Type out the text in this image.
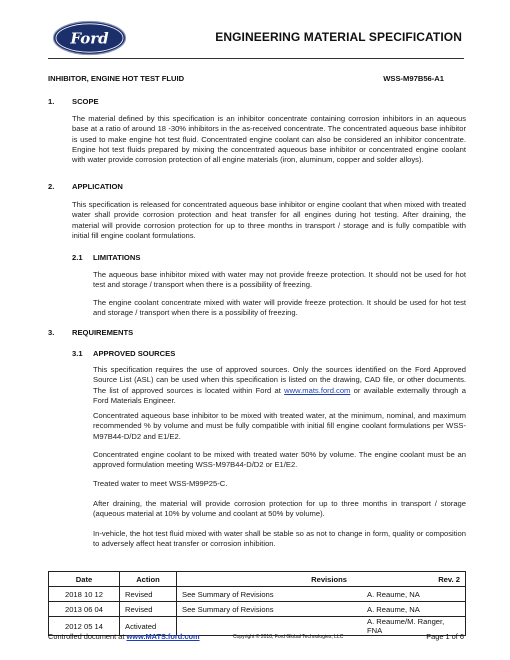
Ford	ENGINEERING MATERIAL SPECIFICATION
INHIBITOR, ENGINE HOT TEST FLUID	WSS-M97B56-A1
1. SCOPE
The material defined by this specification is an inhibitor concentrate containing corrosion inhibitors in an aqueous base at a ratio of around 18 -30% inhibitors in the as-received concentrate. The concentrated aqueous base inhibitor is used to make engine hot test fluid. Concentrated engine coolant can also be considered an inhibitor concentrate. Engine hot test fluids prepared by mixing the concentrated aqueous base inhibitor or concentrated engine coolant with water provide corrosion protection of all engine materials (iron, aluminum, copper and solder alloys).
2. APPLICATION
This specification is released for concentrated aqueous base inhibitor or engine coolant that when mixed with treated water shall provide corrosion protection and heat transfer for all engines during hot testing. After draining, the material will provide corrosion protection for up to three months in transport / storage and is fully compatible with initial fill engine coolant formulations.
2.1 LIMITATIONS
The aqueous base inhibitor mixed with water may not provide freeze protection. It should not be used for hot test and storage / transport when there is a possibility of freezing.
The engine coolant concentrate mixed with water will provide freeze protection. It should be used for hot test and storage / transport when there is a possibility of freezing.
3. REQUIREMENTS
3.1 APPROVED SOURCES
This specification requires the use of approved sources. Only the sources identified on the Ford Approved Source List (ASL) can be used when this specification is listed on the drawing, CAD file, or other documents. The list of approved sources is located within Ford at www.mats.ford.com or available externally through a Ford Materials Engineer.
Concentrated aqueous base inhibitor to be mixed with treated water, at the minimum, nominal, and maximum recommended % by volume and must be fully compatible with initial fill engine coolant formulations per WSS-M97B44-D/D2 and E1/E2.
Concentrated engine coolant to be mixed with treated water 50% by volume. The engine coolant must be an approved formulation meeting WSS-M97B44-D/D2 or E1/E2.
Treated water to meet WSS-M99P25-C.
After draining, the material will provide corrosion protection for up to three months in transport / storage (aqueous material at 10% by volume and coolant at 50% by volume).
In-vehicle, the hot test fluid mixed with water shall be stable so as not to change in form, quality or composition to adversely affect heat transfer or corrosion inhibition.
Date	Action	Revisions Rev. 2	

2018 10 12	Revised	See Summary of Revisions	A. Reaume, NA
2013 06 04	Revised	See Summary of Revisions	A. Reaume, NA
2012 05 14	Activated		A. Reaume/M. Ranger, FNA
Controlled document at www.MATS.ford.com	Copyright © 2018, Ford Global Technologies, LLC	Page 1 of 6
